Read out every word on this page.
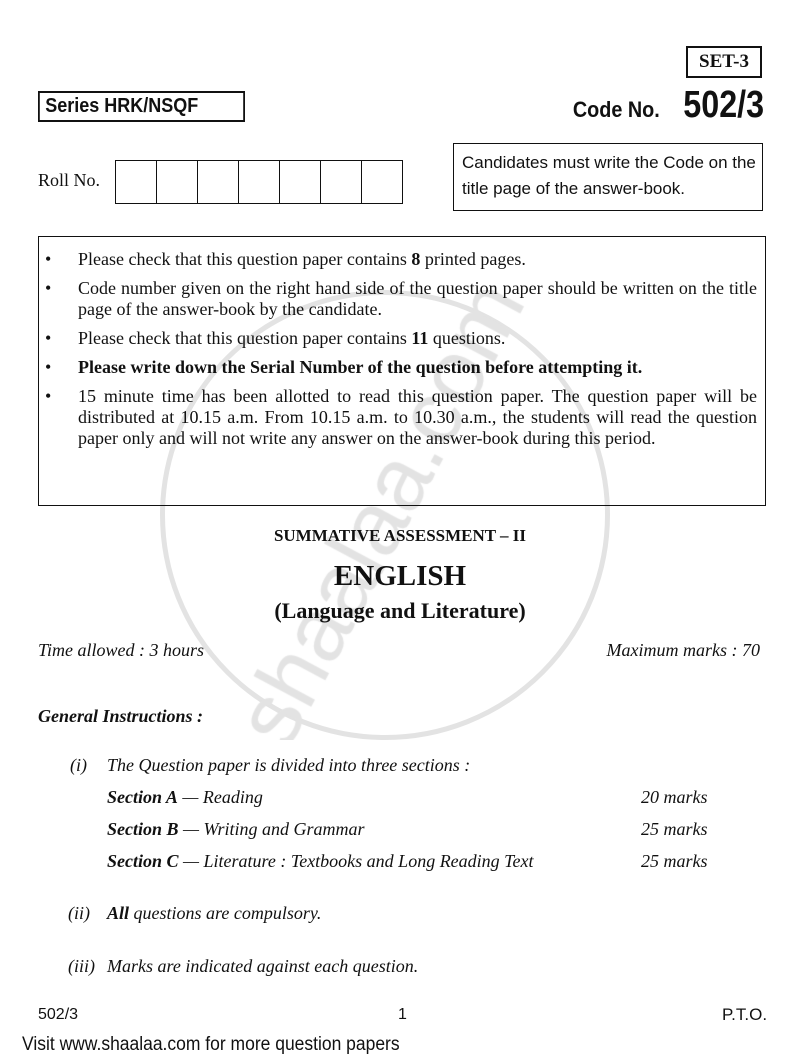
SET-3
Series HRK/NSQF	Code No. 502/3
Roll No.
Candidates must write the Code on the title page of the answer-book.
•	Please check that this question paper contains 8 printed pages.
•	Code number given on the right hand side of the question paper should be written on the title page of the answer-book by the candidate.
•	Please check that this question paper contains 11 questions.
•	Please write down the Serial Number of the question before attempting it.
•	15 minute time has been allotted to read this question paper. The question paper will be distributed at 10.15 a.m. From 10.15 a.m. to 10.30 a.m., the students will read the question paper only and will not write any answer on the answer-book during this period.
SUMMATIVE ASSESSMENT – II
ENGLISH
(Language and Literature)
Time allowed : 3 hours	Maximum marks : 70
General Instructions :
(i) The Question paper is divided into three sections :
Section A — Reading	20 marks
Section B — Writing and Grammar	25 marks
Section C — Literature : Textbooks and Long Reading Text	25 marks
(ii) All questions are compulsory.
(iii) Marks are indicated against each question.
502/3	1	P.T.O.
Visit www.shaalaa.com for more question papers
